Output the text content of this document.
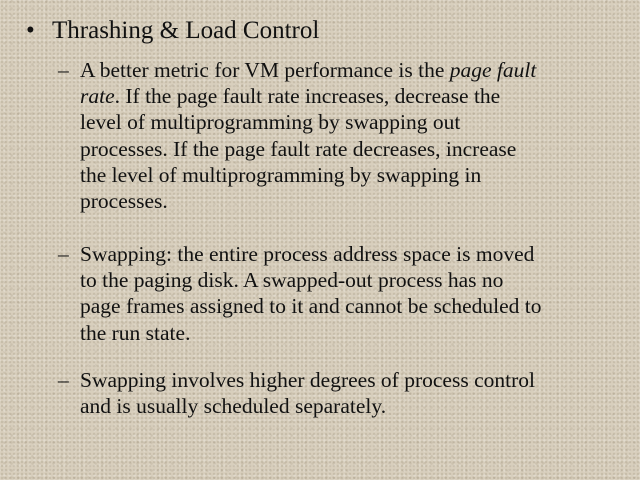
• Thrashing & Load Control
– A better metric for VM performance is the page fault
rate. If the page fault rate increases, decrease the
level of multiprogramming by swapping out
processes. If the page fault rate decreases, increase
the level of multiprogramming by swapping in
processes.
– Swapping: the entire process address space is moved
to the paging disk. A swapped-out process has no
page frames assigned to it and cannot be scheduled to
the run state.
– Swapping involves higher degrees of process control
and is usually scheduled separately.
